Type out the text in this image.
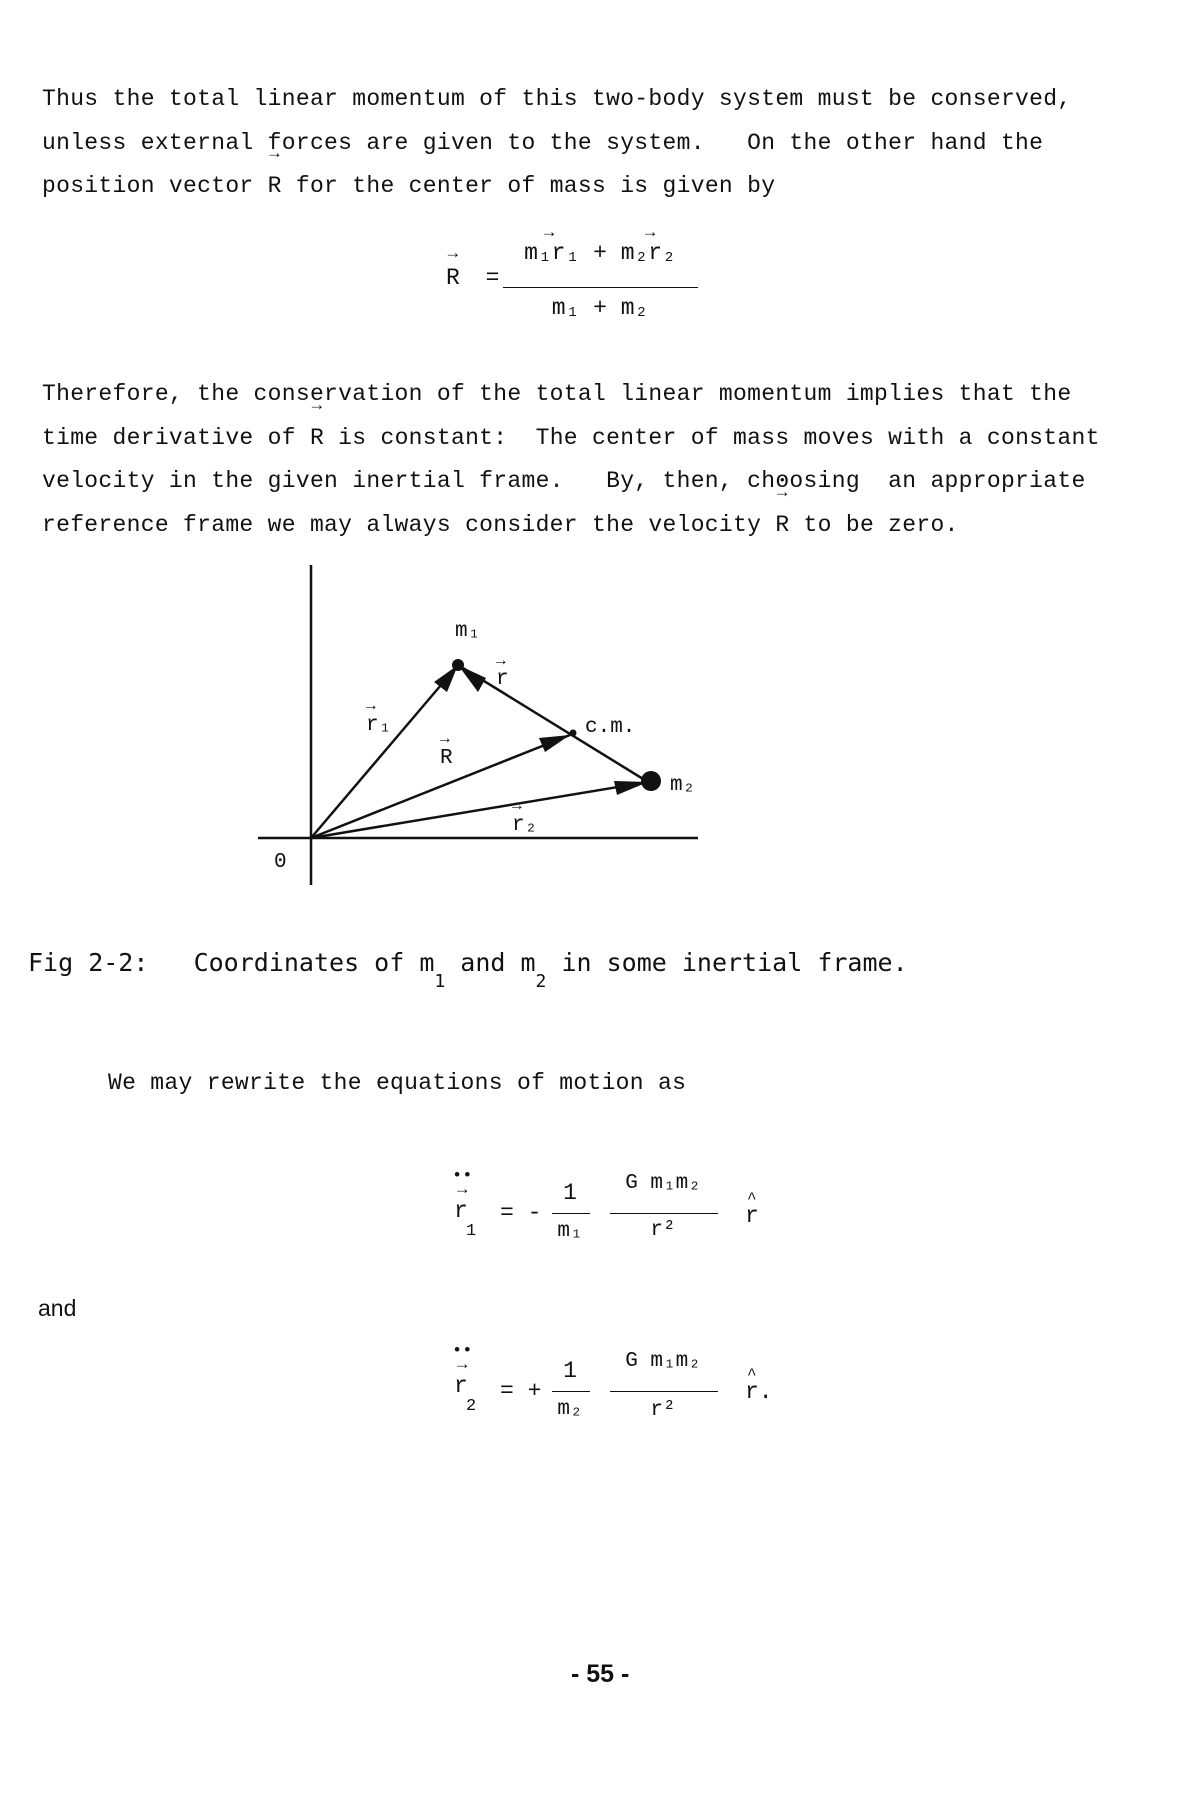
Thus the total linear momentum of this two-body system must be conserved,

unless external forces are given to the system.   On the other hand the

position vector → R for the center of mass is given by

→ R =
m₁r₁ + m₂r₂
m₁ + m₂
→	→

Therefore, the conservation of the total linear momentum implies that the

time derivative of → R is constant:  The center of mass moves with a constant

velocity in the given inertial frame.   By, then, choosing  an appropriate

reference frame we may always consider the velocity → R • to be zero.

0
m₁
m₂
c.m.
r
r₁
R
r₂
→
→
→
→
Fig 2-2:   Coordinates of $m_1$ and $m_2$ in some inertial frame.

We may rewrite the equations of motion as

••
→
r
1
= -
1
m₁
G m₁m₂
r²
^
r
and
••
→
r
2
= +
1
m₂
G m₁m₂
r²
^
r.
- 55 -
